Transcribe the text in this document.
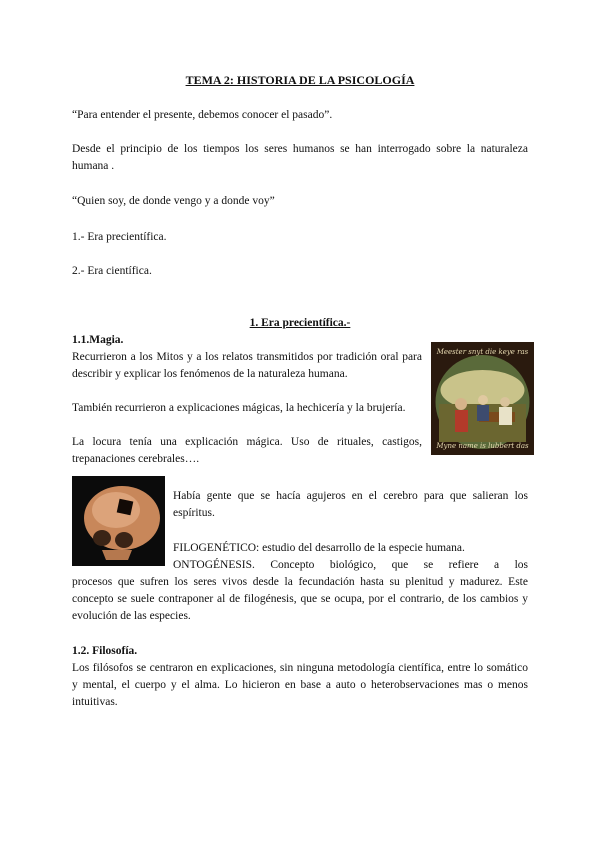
TEMA 2: HISTORIA DE LA PSICOLOGÍA

“Para entender el presente, debemos conocer el pasado”.

Desde el principio de los tiempos los seres humanos se han interrogado sobre la naturaleza humana .

“Quien soy, de donde vengo y a donde voy”

1.- Era precientífica.

2.- Era científica.

1. Era precientífica.-

1.1.Magia.

Recurrieron a los Mitos y a los relatos transmitidos por tradición oral para describir y explicar los fenómenos de la naturaleza humana.

También recurrieron a explicaciones mágicas, la hechicería y la brujería.

La locura tenía una explicación mágica. Uso de rituales, castigos, trepanaciones cerebrales….

Meester snyt die keye ras
Myne name is lubbert das

Había gente que se hacía agujeros en el cerebro para que salieran los espíritus.

FILOGENÉTICO: estudio del desarrollo de la especie humana.

ONTOGÉNESIS. Concepto biológico, que se refiere a los

procesos que sufren los seres vivos desde la fecundación hasta su plenitud y madurez. Este concepto se suele contraponer al de filogénesis, que se ocupa, por el contrario, de los cambios y evolución de las especies.

1.2. Filosofía.

Los filósofos se centraron en explicaciones, sin ninguna metodología científica, entre lo somático y mental, el cuerpo y el alma. Lo hicieron en base a auto o heterobservaciones mas o menos intuitivas.
